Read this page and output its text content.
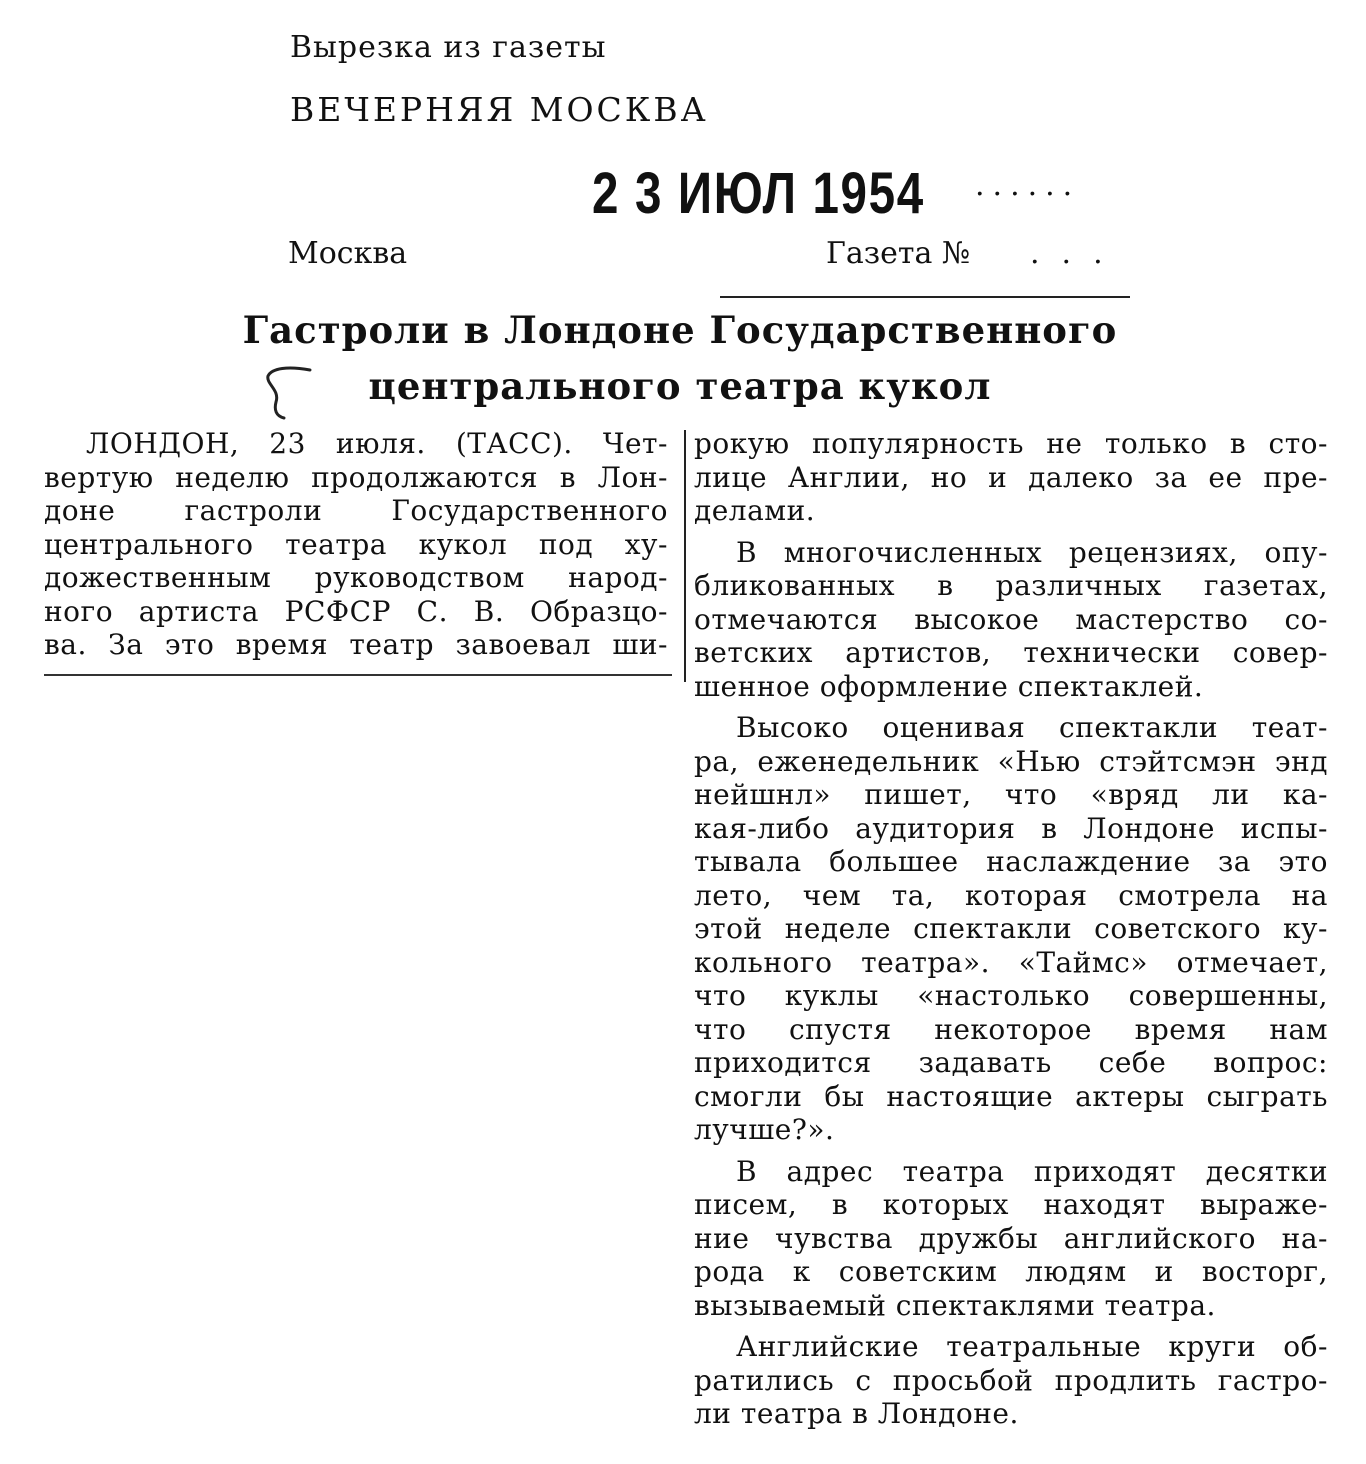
Вырезка из газеты
ВЕЧЕРНЯЯ МОСКВА
2 3 ИЮЛ 1954 ......
Москва	Газета № ...
Гастроли в Лондоне Государственного
центрального театра кукол
ЛОНДОН, 23 июля. (ТАСС). Чет-
вертую неделю продолжаются в Лон-
доне гастроли Государственного
центрального театра кукол под ху-
дожественным руководством народ-
ного артиста РСФСР С. В. Образцо-
ва. За это время театр завоевал ши-
рокую популярность не только в сто-
лице Англии, но и далеко за ее пре-
делами.
В многочисленных рецензиях, опу-
бликованных в различных газетах,
отмечаются высокое мастерство со-
ветских артистов, технически совер-
шенное оформление спектаклей.
Высоко оценивая спектакли теат-
ра, еженедельник «Нью стэйтсмэн энд
нейшнл» пишет, что «вряд ли ка-
кая-либо аудитория в Лондоне испы-
тывала большее наслаждение за это
лето, чем та, которая смотрела на
этой неделе спектакли советского ку-
кольного театра». «Таймс» отмечает,
что куклы «настолько совершенны,
что спустя некоторое время нам
приходится задавать себе вопрос:
смогли бы настоящие актеры сыграть
лучше?».
В адрес театра приходят десятки
писем, в которых находят выраже-
ние чувства дружбы английского на-
рода к советским людям и восторг,
вызываемый спектаклями театра.
Английские театральные круги об-
ратились с просьбой продлить гастро-
ли театра в Лондоне.
